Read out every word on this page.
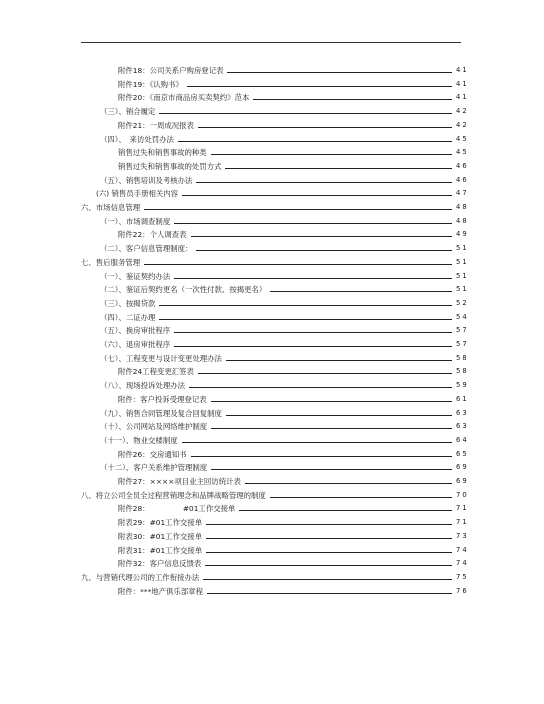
附件18：公司关系户购房登记表	41
附件19：《认购书》	41
附件20：《南京市商品房买卖契约》范本	41
（三）、销合履定	42
附件21：一周成况报表	42
（四）、　来访处罚办法	45
销售过失和销售事故的种类	45
销售过失和销售事故的处罚方式	46
（五）、销售培训及考核办法	46
(六) 销售员手册相关内容	47
六、市场信息管理	48
（一）、市场调查制度	48
附件22：个人调查表	49
（二）、客户信息管理制度：	51
七、售后服务管理	51
（一）、鉴证契约办法	51
（二）、鉴证后契约更名（一次性付款、按揭更名）	51
（三）、按揭贷款	52
（四）、二证办理	54
（五）、换房审批程序	57
（六）、退房审批程序	57
（七）、工程变更与设计变更处理办法	58
附件24工程变更汇签表	58
（八）、现场投诉处理办法	59
附件：客户投诉受理登记表	61
（九）、销售合同管理及复合回复制度	63
（十）、公司网站及网络维护制度	63
（十一）、物业交楼制度	64
附件26：交房通知书	65
（十二）、客户关系维护管理制度	69
附件27：××××项目业主回访统计表	69
八、将立公司全员全过程营销理念和品牌战略管理的制度	70
附件28：　　　　　#01工作交接单	71
附表29：#01工作交接单	71
附表30：#01工作交接单	73
附表31：#01工作交接单	74
附件32：客户信息反馈表	74
九、与营销代理公司的工作衔接办法	75
附件：***地产俱乐部章程	76
